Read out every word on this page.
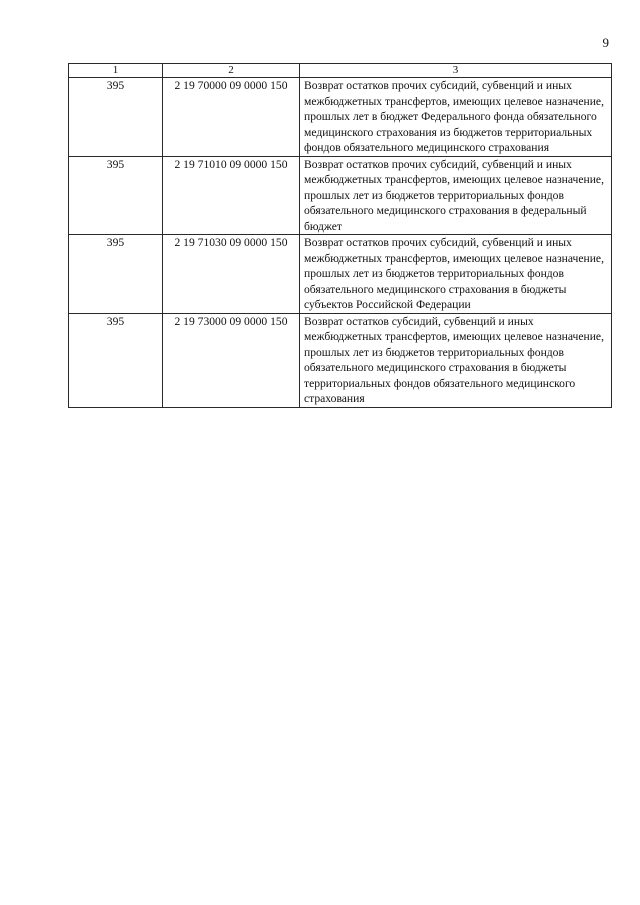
9
1	2	3
395	2 19 70000 09 0000 150	Возврат остатков прочих субсидий, субвенций и иных межбюджетных трансфертов, имеющих целевое назначение, прошлых лет в бюджет Федерального фонда обязательного медицинского страхования из бюджетов территориальных фондов обязательного медицинского страхования
395	2 19 71010 09 0000 150	Возврат остатков прочих субсидий, субвенций и иных межбюджетных трансфертов, имеющих целевое назначение, прошлых лет из бюджетов территориальных фондов обязательного медицинского страхования в федеральный бюджет
395	2 19 71030 09 0000 150	Возврат остатков прочих субсидий, субвенций и иных межбюджетных трансфертов, имеющих целевое назначение, прошлых лет из бюджетов территориальных фондов обязательного медицинского страхования в бюджеты субъектов Российской Федерации
395	2 19 73000 09 0000 150	Возврат остатков субсидий, субвенций и иных межбюджетных трансфертов, имеющих целевое назначение, прошлых лет из бюджетов территориальных фондов обязательного медицинского страхования в бюджеты территориальных фондов обязательного медицинского страхования
